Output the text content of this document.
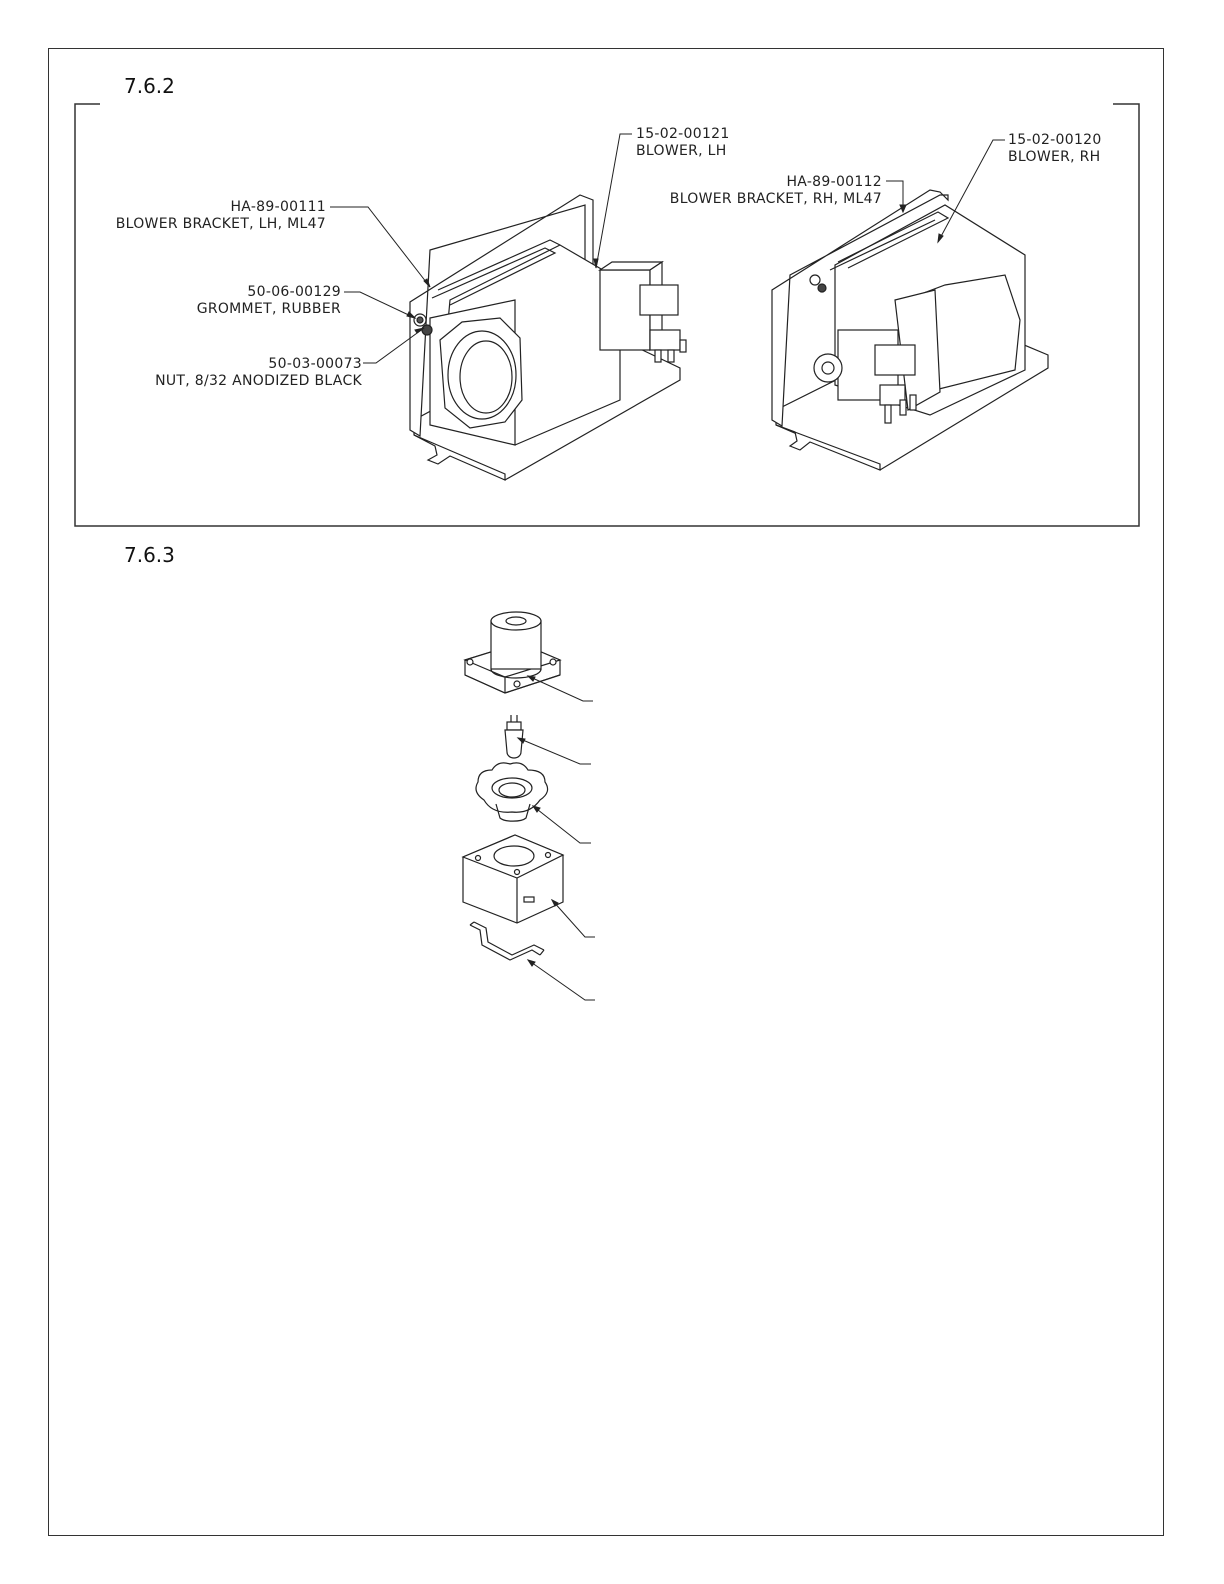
7.6.2
7.6.3
15-02-00121
BLOWER, LH
15-02-00120
BLOWER, RH
HA-89-00111
BLOWER BRACKET, LH, ML47
HA-89-00112
BLOWER BRACKET, RH, ML47
50-06-00129
GROMMET, RUBBER
50-03-00073
NUT, 8/32 ANODIZED BLACK
